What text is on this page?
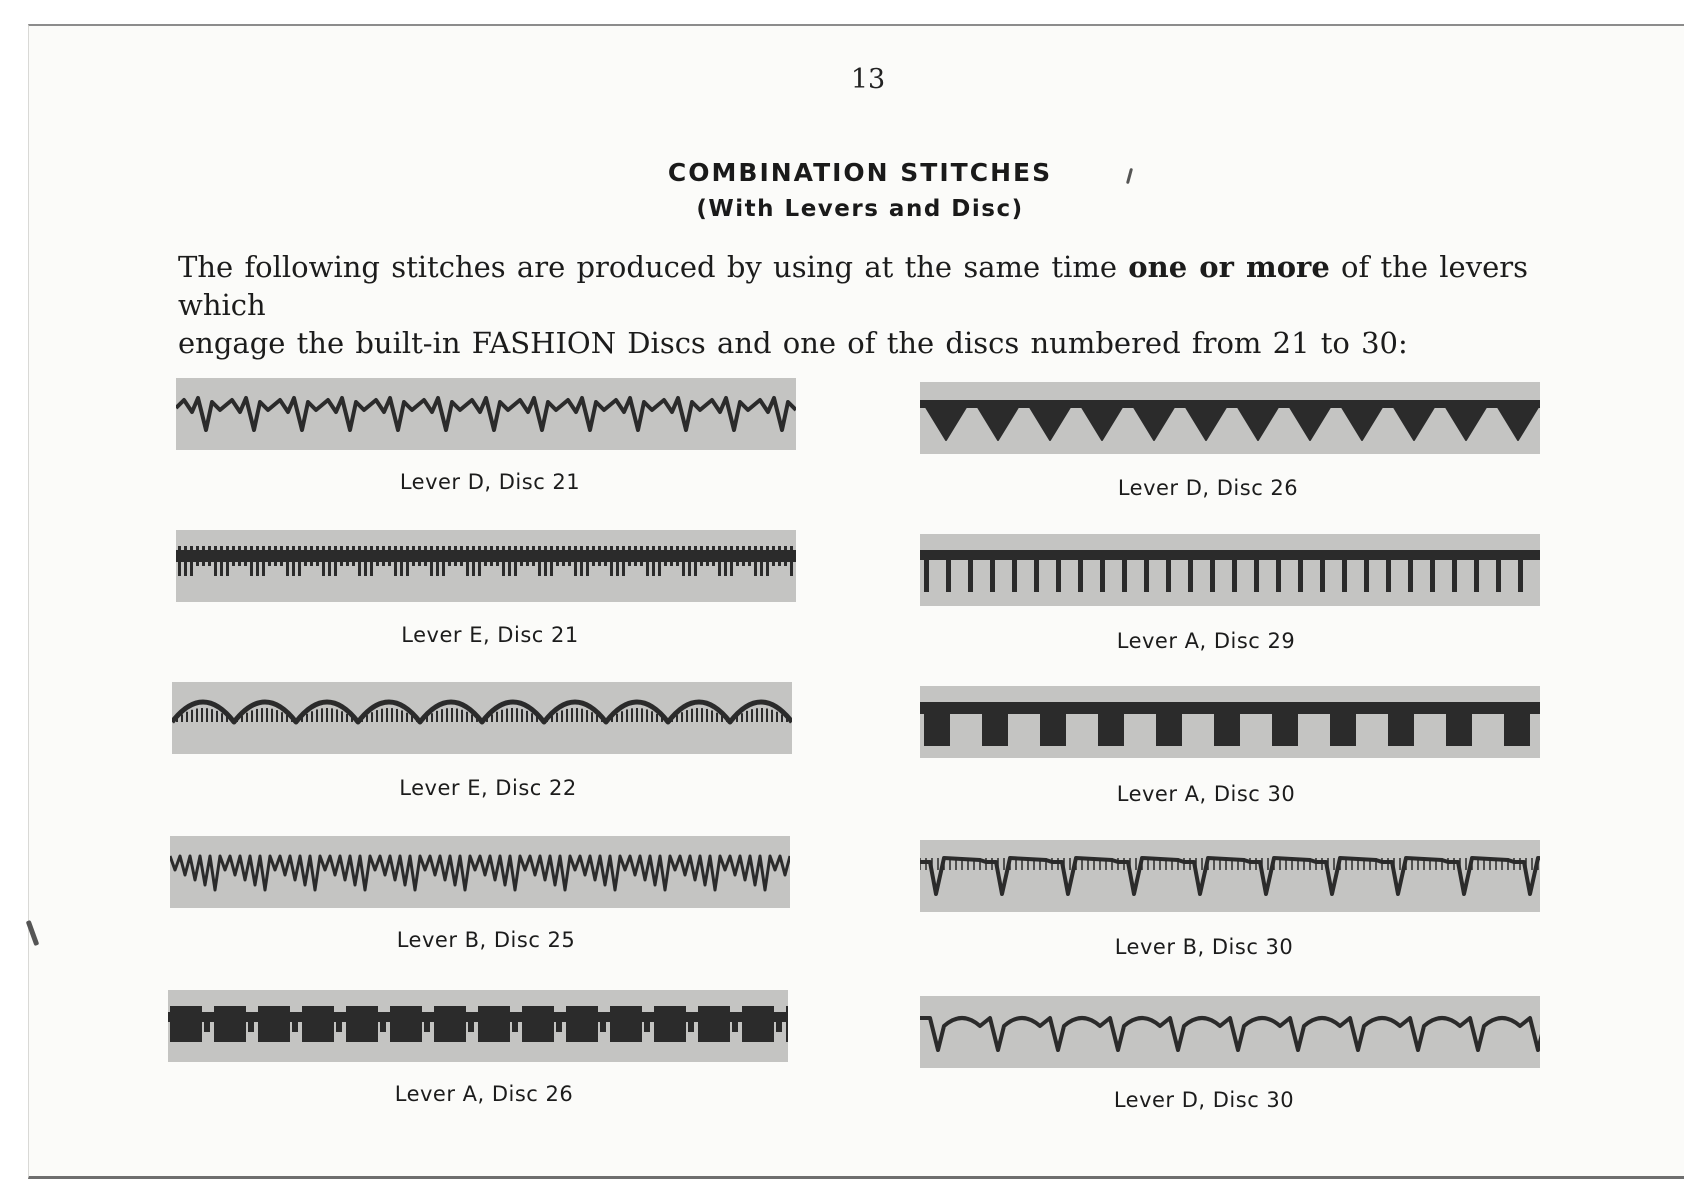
13
COMBINATION STITCHES
(With Levers and Disc)

The following stitches are produced by using at the same time one or more of the levers which
engage the built-in FASHION Discs and one of the discs numbered from 21 to 30:

Lever D, Disc 21
Lever E, Disc 21
Lever E, Disc 22
Lever B, Disc 25
Lever A, Disc 26
Lever D, Disc 26
Lever A, Disc 29
Lever A, Disc 30
Lever B, Disc 30
Lever D, Disc 30
